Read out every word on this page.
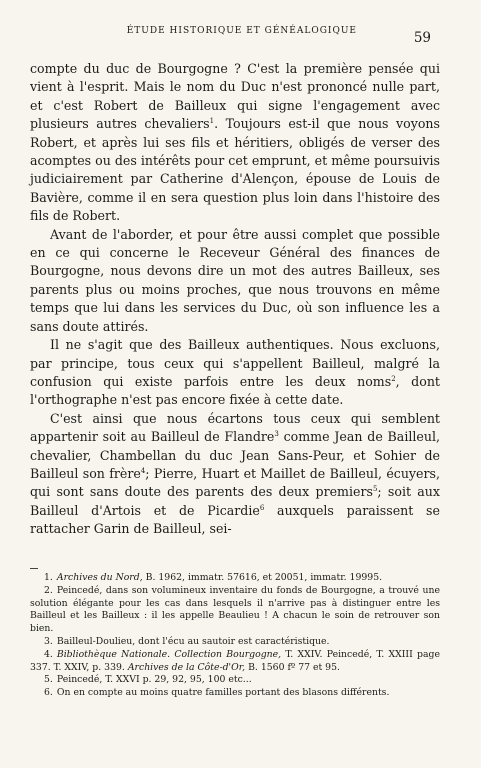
ÉTUDE HISTORIQUE ET GÉNÉALOGIQUE	59

compte du duc de Bourgogne ? C'est la première pensée qui vient à l'esprit. Mais le nom du Duc n'est prononcé nulle part, et c'est Robert de Bailleux qui signe l'engagement avec plusieurs autres chevaliers$^1$. Toujours est-il que nous voyons Robert, et après lui ses fils et héritiers, obligés de verser des acomptes ou des intérêts pour cet emprunt, et même poursuivis judiciairement par Catherine d'Alençon, épouse de Louis de Bavière, comme il en sera question plus loin dans l'histoire des fils de Robert.

Avant de l'aborder, et pour être aussi complet que possible en ce qui concerne le Receveur Général des finances de Bourgogne, nous devons dire un mot des autres Bailleux, ses parents plus ou moins proches, que nous trouvons en même temps que lui dans les services du Duc, où son influence les a sans doute attirés.

Il ne s'agit que des Bailleux authentiques. Nous excluons, par principe, tous ceux qui s'appellent Bailleul, malgré la confusion qui existe parfois entre les deux noms$^2$, dont l'orthographe n'est pas encore fixée à cette date.

C'est ainsi que nous écartons tous ceux qui semblent appartenir soit au Bailleul de Flandre$^3$ comme Jean de Bailleul, chevalier, Chambellan du duc Jean Sans-Peur, et Sohier de Bailleul son frère$^4$; Pierre, Huart et Maillet de Bailleul, écuyers, qui sont sans doute des parents des deux premiers$^5$; soit aux Bailleul d'Artois et de Picardie$^6$ auxquels paraissent se rattacher Garin de Bailleul, sei-

1. Archives du Nord, B. 1962, immatr. 57616, et 20051, immatr. 19995.

2. Peincedé, dans son volumineux inventaire du fonds de Bourgogne, a trouvé une solution élégante pour les cas dans lesquels il n'arrive pas à distinguer entre les Bailleul et les Bailleux : il les appelle Beaulieu ! A chacun le soin de retrouver son bien.

3. Bailleul-Doulieu, dont l'écu au sautoir est caractéristique.

4. Bibliothèque Nationale. Collection Bourgogne, T. XXIV. Peincedé, T. XXIII page 337. T. XXIV, p. 339. Archives de la Côte-d'Or, B. 1560 fº 77 et 95.

5. Peincedé, T. XXVI p. 29, 92, 95, 100 etc...

6. On en compte au moins quatre familles portant des blasons différents.
